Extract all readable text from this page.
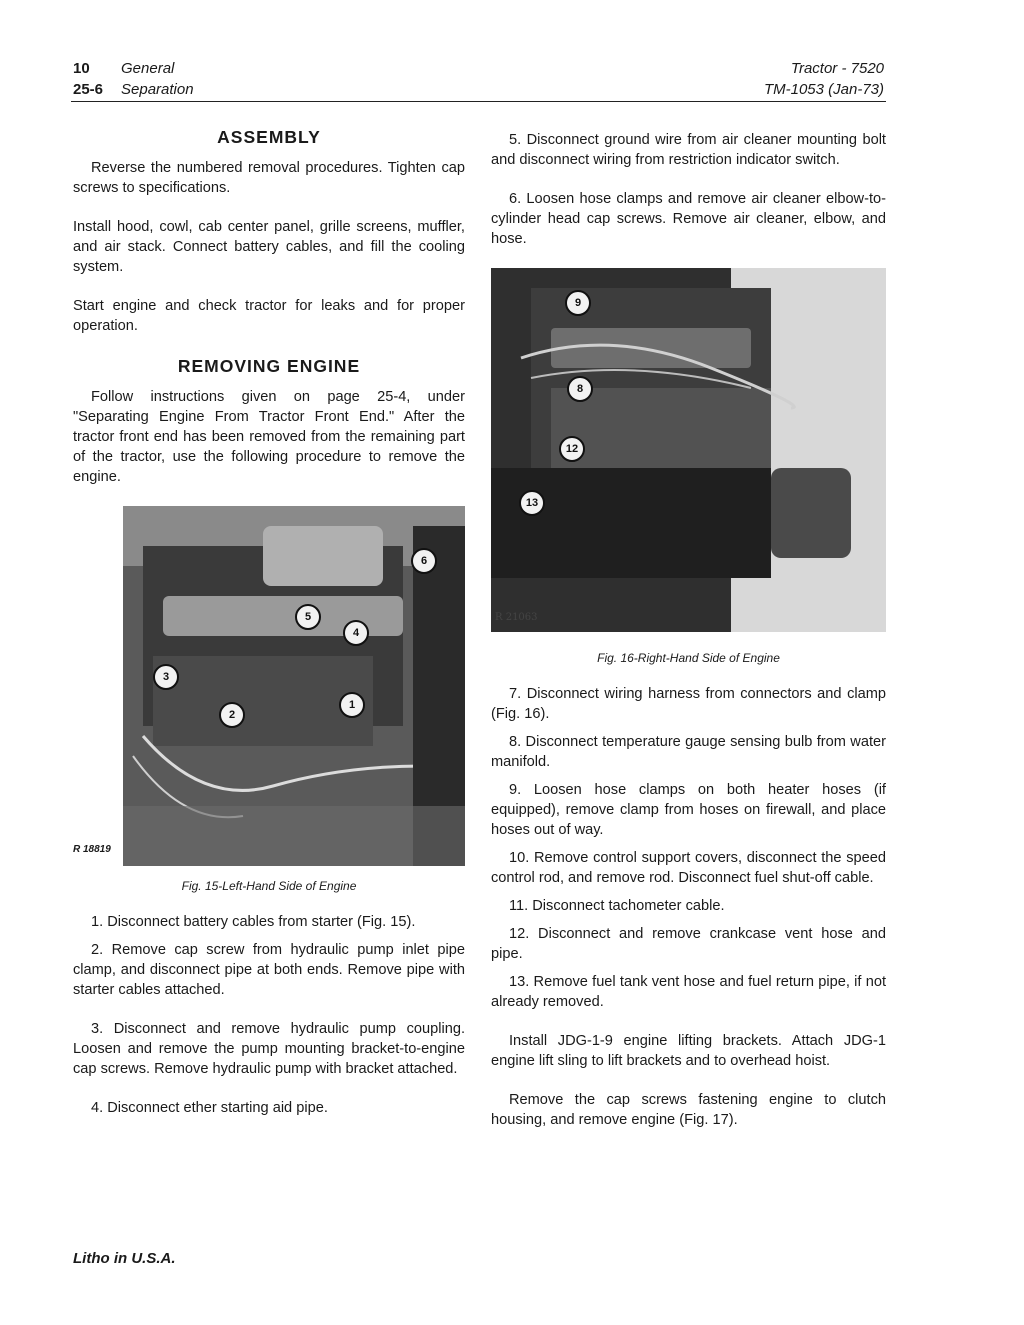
10 General
25-6 Separation
Tractor - 7520
TM-1053 (Jan-73)
ASSEMBLY

Reverse the numbered removal procedures. Tighten cap screws to specifications.

Install hood, cowl, cab center panel, grille screens, muffler, and air stack. Connect battery cables, and fill the cooling system.

Start engine and check tractor for leaks and for proper operation.

REMOVING ENGINE

Follow instructions given on page 25-4, under "Separating Engine From Tractor Front End." After the tractor front end has been removed from the remaining part of the tractor, use the following procedure to remove the engine.

6
5
4
3
2
1
R 18819
Fig. 15-Left-Hand Side of Engine

1. Disconnect battery cables from starter (Fig. 15).

2. Remove cap screw from hydraulic pump inlet pipe clamp, and disconnect pipe at both ends. Remove pipe with starter cables attached.

3. Disconnect and remove hydraulic pump coupling. Loosen and remove the pump mounting bracket-to-engine cap screws. Remove hydraulic pump with bracket attached.

4. Disconnect ether starting aid pipe.

5. Disconnect ground wire from air cleaner mounting bolt and disconnect wiring from restriction indicator switch.

6. Loosen hose clamps and remove air cleaner elbow-to-cylinder head cap screws. Remove air cleaner, elbow, and hose.

9
8
12
13
R 21063
Fig. 16-Right-Hand Side of Engine

7. Disconnect wiring harness from connectors and clamp (Fig. 16).

8. Disconnect temperature gauge sensing bulb from water manifold.

9. Loosen hose clamps on both heater hoses (if equipped), remove clamp from hoses on firewall, and place hoses out of way.

10. Remove control support covers, disconnect the speed control rod, and remove rod. Disconnect fuel shut-off cable.

11. Disconnect tachometer cable.

12. Disconnect and remove crankcase vent hose and pipe.

13. Remove fuel tank vent hose and fuel return pipe, if not already removed.

Install JDG-1-9 engine lifting brackets. Attach JDG-1 engine lift sling to lift brackets and to overhead hoist.

Remove the cap screws fastening engine to clutch housing, and remove engine (Fig. 17).

Litho in U.S.A.
